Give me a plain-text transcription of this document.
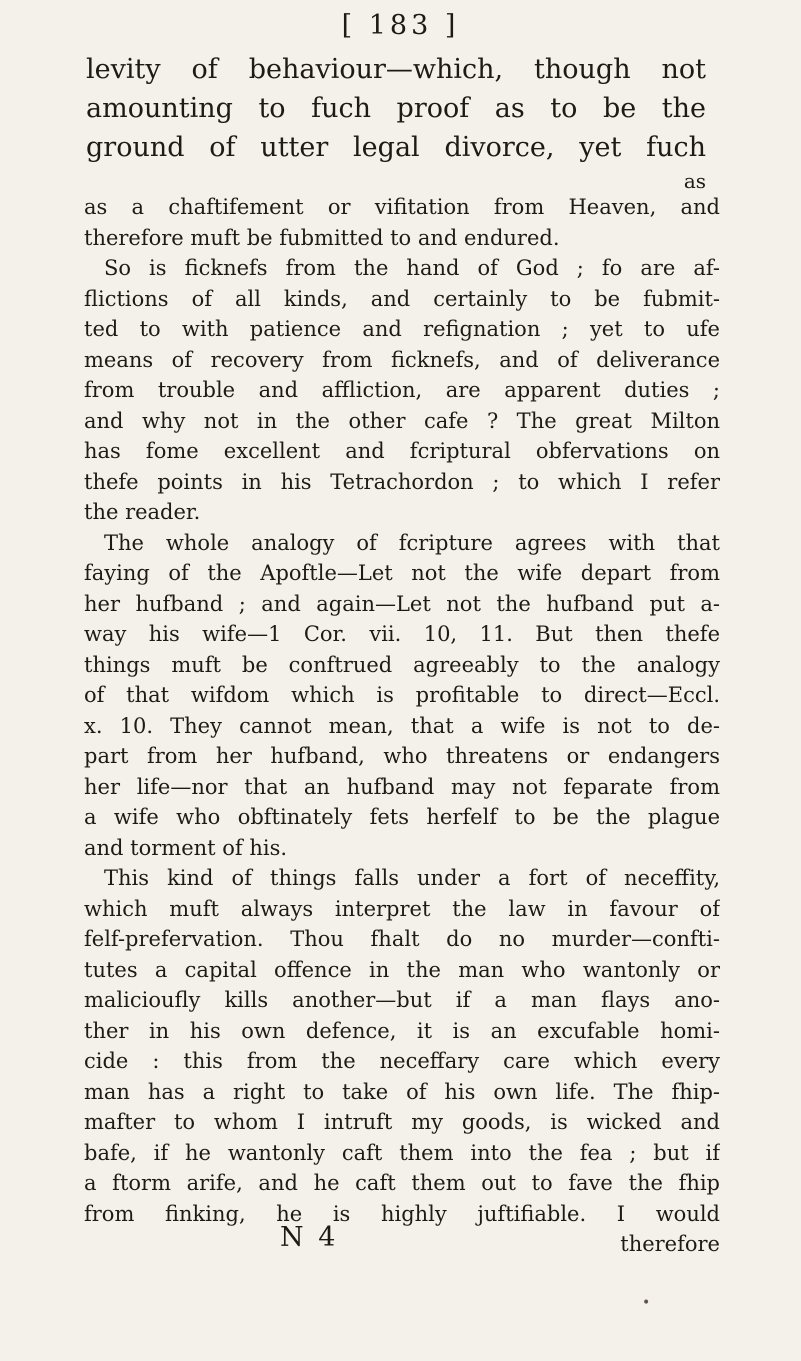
[ 183 ]
levity of behaviour—which, though not
amounting to fuch proof as to be the
ground of utter legal divorce, yet fuch
as
as a chaftifement or vifitation from Heaven, and
therefore muft be fubmitted to and endured.
So is ficknefs from the hand of God ; fo are af-
flictions of all kinds, and certainly to be fubmit-
ted to with patience and refignation ; yet to ufe
means of recovery from ficknefs, and of deliverance
from trouble and affliction, are apparent duties ;
and why not in the other cafe ? The great Milton
has fome excellent and fcriptural obfervations on
thefe points in his Tetrachordon ; to which I refer
the reader.
The whole analogy of fcripture agrees with that
faying of the Apoftle—Let not the wife depart from
her hufband ; and again—Let not the hufband put a-
way his wife—1 Cor. vii. 10, 11. But then thefe
things muft be conftrued agreeably to the analogy
of that wifdom which is profitable to direct—Eccl.
x. 10. They cannot mean, that a wife is not to de-
part from her hufband, who threatens or endangers
her life—nor that an hufband may not feparate from
a wife who obftinately fets herfelf to be the plague
and torment of his.
This kind of things falls under a fort of neceffity,
which muft always interpret the law in favour of
felf-prefervation. Thou fhalt do no murder—confti-
tutes a capital offence in the man who wantonly or
malicioufly kills another—but if a man flays ano-
ther in his own defence, it is an excufable homi-
cide : this from the neceffary care which every
man has a right to take of his own life. The fhip-
mafter to whom I intruft my goods, is wicked and
bafe, if he wantonly caft them into the fea ; but if
a ftorm arife, and he caft them out to fave the fhip
from finking, he is highly juftifiable. I would
N 4	therefore
•
